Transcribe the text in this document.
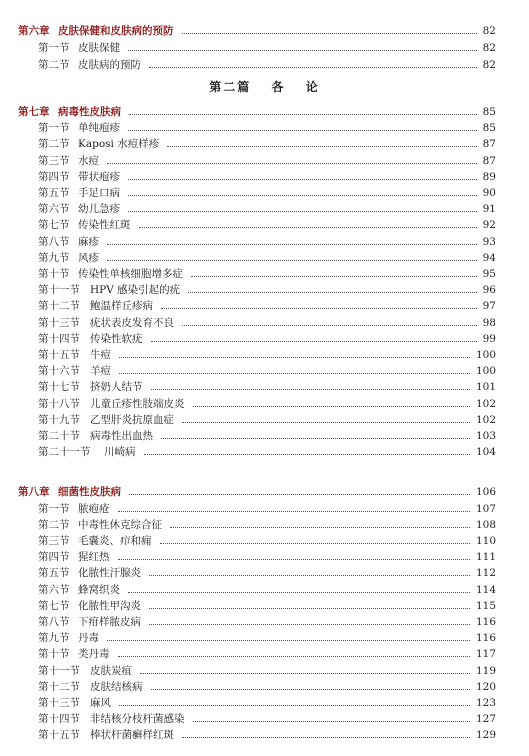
第二篇 各 论
第六章 皮肤保健和皮肤病的预防	82
第一节 皮肤保健	82
第二节 皮肤病的预防	82
第七章 病毒性皮肤病	85
第一节 单纯疱疹	85
第二节 Kaposi 水痘样疹	87
第三节 水痘	87
第四节 带状疱疹	89
第五节 手足口病	90
第六节 幼儿急疹	91
第七节 传染性红斑	92
第八节 麻疹	93
第九节 风疹	94
第十节 传染性单核细胞增多症	95
第十一节 HPV 感染引起的疣	96
第十二节 鲍温样丘疹病	97
第十三节 疣状表皮发育不良	98
第十四节 传染性软疣	99
第十五节 牛痘	100
第十六节 羊痘	100
第十七节 挤奶人结节	101
第十八节 儿童丘疹性肢端皮炎	102
第十九节 乙型肝炎抗原血症	102
第二十节 病毒性出血热	103
第二十一节 川崎病	104
第八章 细菌性皮肤病	106
第一节 脓疱疮	107
第二节 中毒性休克综合征	108
第三节 毛囊炎、疖和痈	110
第四节 猩红热	111
第五节 化脓性汗腺炎	112
第六节 蜂窝织炎	114
第七节 化脓性甲沟炎	115
第八节 下疳样脓皮病	116
第九节 丹毒	116
第十节 类丹毒	117
第十一节 皮肤炭疽	119
第十二节 皮肤结核病	120
第十三节 麻风	123
第十四节 非结核分枝杆菌感染	127
第十五节 棒状杆菌癣样红斑	129
